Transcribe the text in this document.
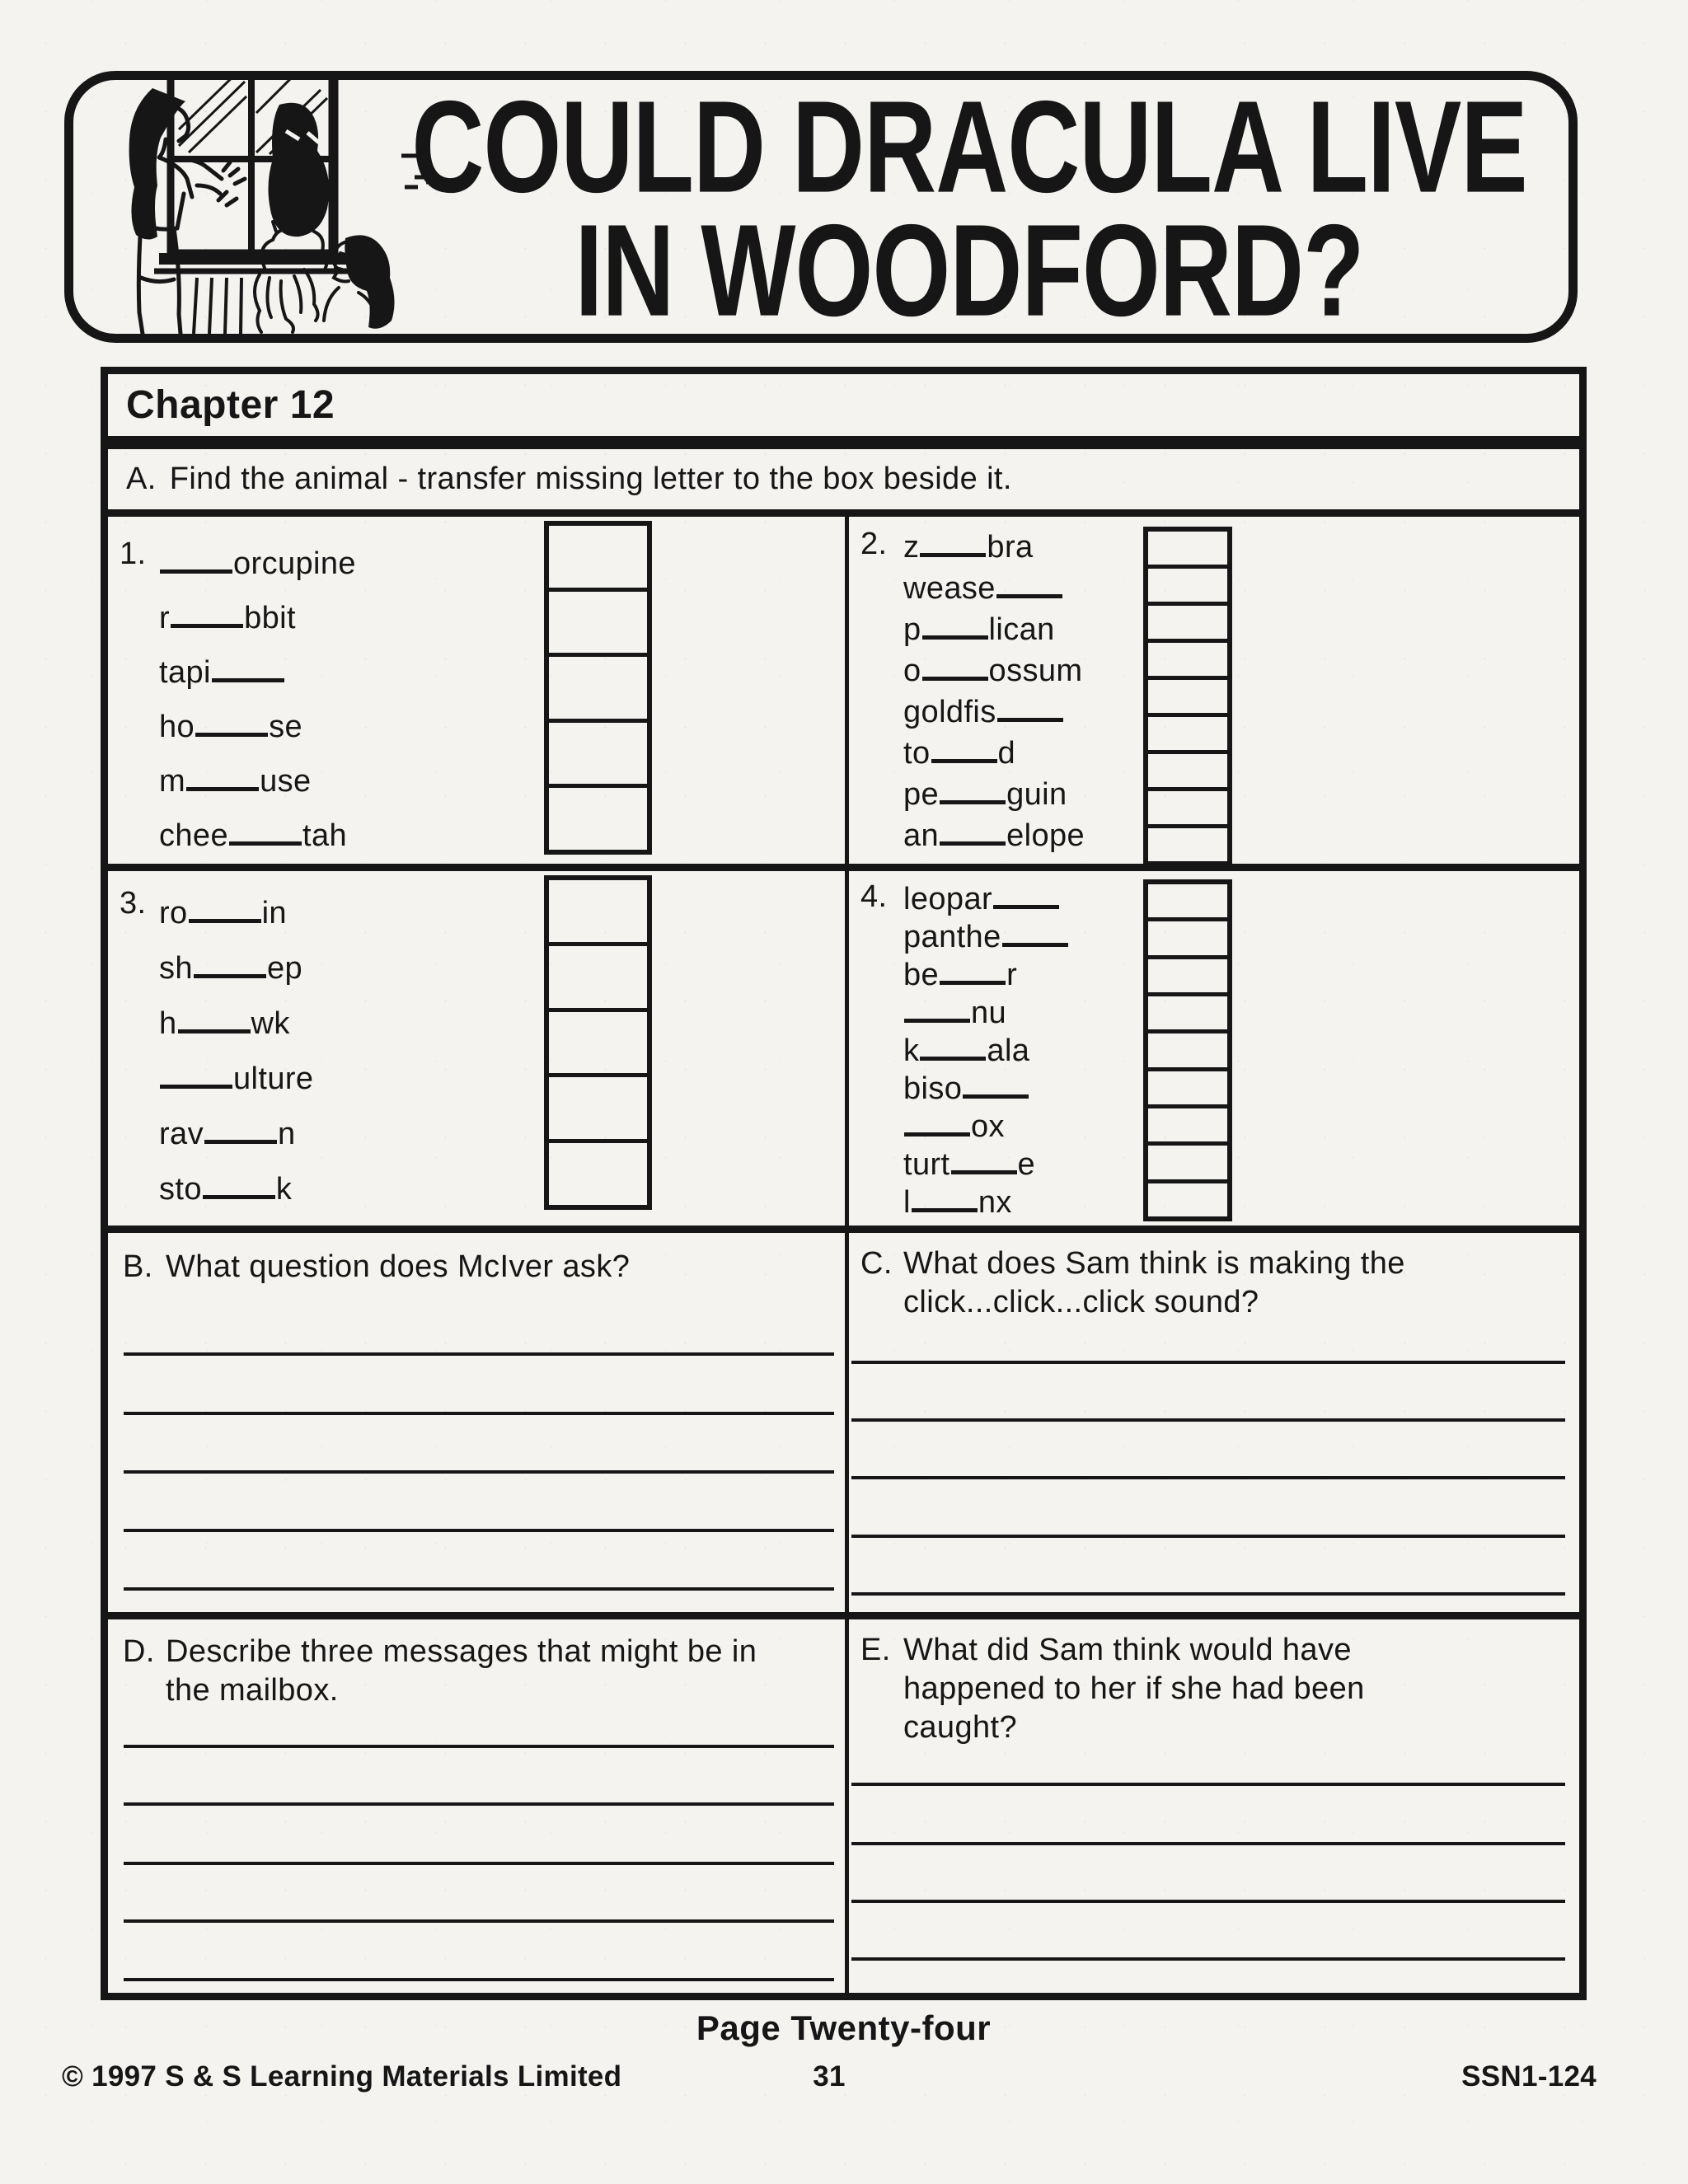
COULD DRACULA LIVE
IN WOODFORD?
Chapter 12
A. Find the animal - transfer missing letter to the box beside it.
1.	orcupine
r bbit
tapi
ho se
m use
chee tah
2. z bra
wease
p lican
o ossum
goldfis
to d
pe guin
an elope
3. ro in
sh ep
h wk
ulture
rav n
sto k
4. leopar
panthe
be r
nu
k ala
biso
ox
turt e
l nx
B. What question does McIver ask?	C. What does Sam think is making the click...click...click sound?
D. Describe three messages that might be in the mailbox.
E. What did Sam think would have happened to her if she had been caught?
Page Twenty-four
© 1997 S & S Learning Materials Limited	31	SSN1-124
